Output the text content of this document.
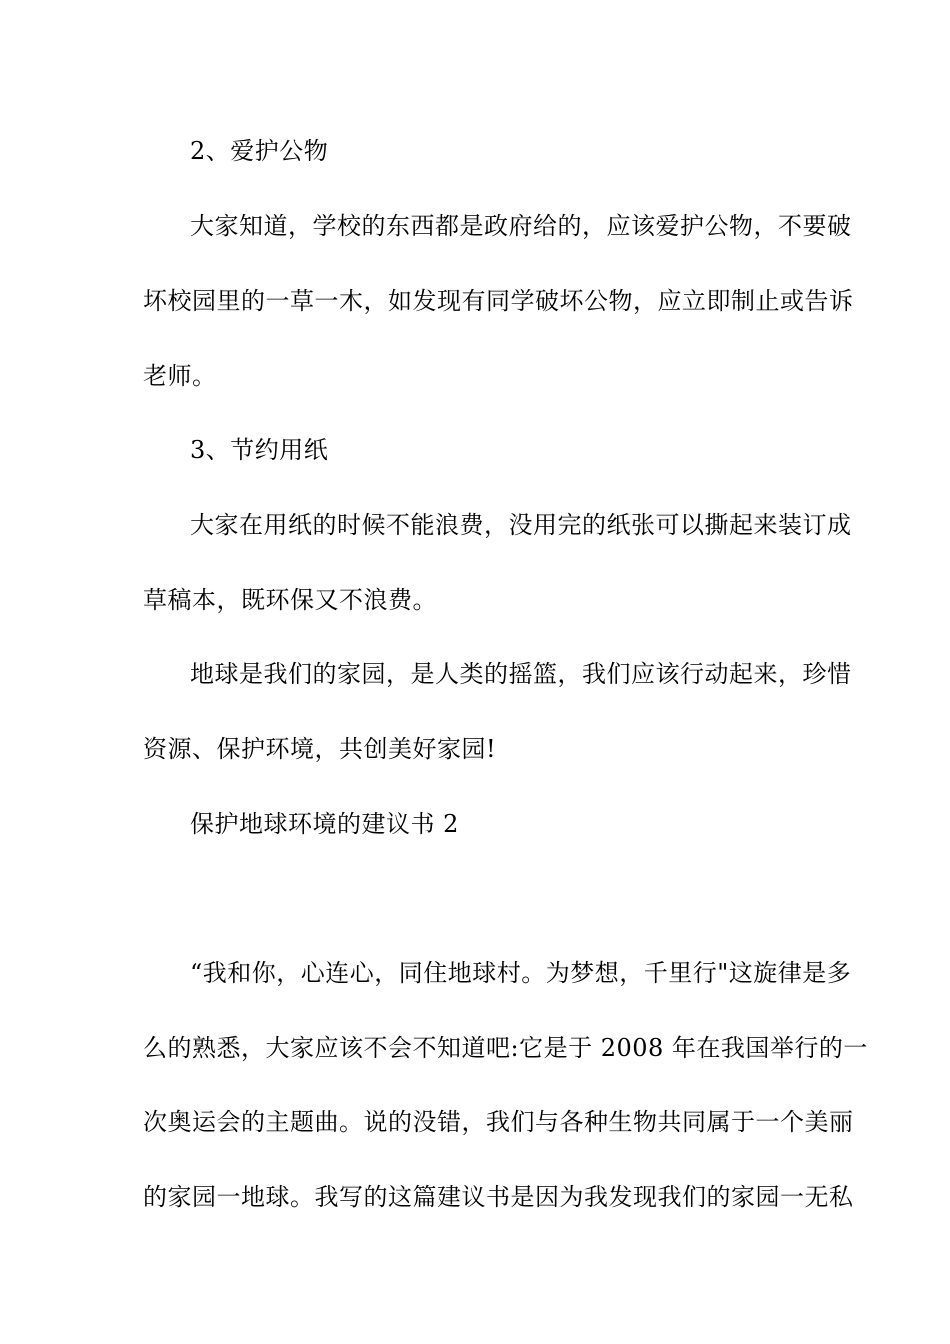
2、爱护公物
大家知道，学校的东西都是政府给的，应该爱护公物，不要破
坏校园里的一草一木，如发现有同学破坏公物，应立即制止或告诉
老师。
3、节约用纸
大家在用纸的时候不能浪费，没用完的纸张可以撕起来装订成
草稿本，既环保又不浪费。
地球是我们的家园，是人类的摇篮，我们应该行动起来，珍惜
资源、保护环境，共创美好家园!
保护地球环境的建议书 2
“我和你，心连心，同住地球村。为梦想，千里行"这旋律是多
么的熟悉，大家应该不会不知道吧:它是于 2008 年在我国举行的一
次奥运会的主题曲。说的没错，我们与各种生物共同属于一个美丽
的家园一地球。我写的这篇建议书是因为我发现我们的家园一无私
